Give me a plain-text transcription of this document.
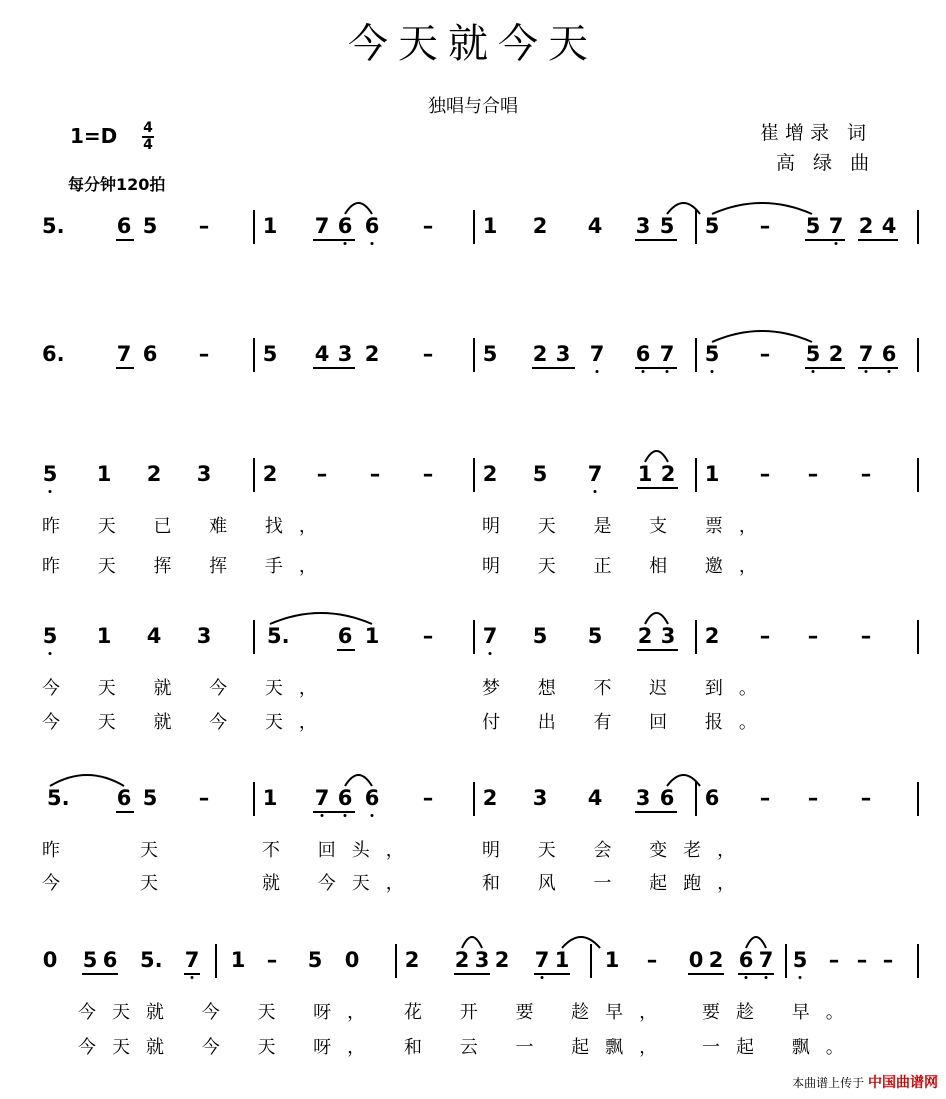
今天就今天
独唱与合唱
崔增录 词
高 绿 曲
$1=D \frac{4}{4}$
每分钟120拍
5. 6 5 –	1 7 6 6 – 1 2 4 3 5 5 – 5 7 2 4
6. 7 6 –	5 4 3 2 – 5 2 3 7 6 7 5 – 5 2 7 6
5 1 2 3 2 – – – 2 5 7 1 2 1 – – –
昨 天 已 难 找，	明 天 是 支 票，
昨 天 挥 挥 手，	明 天 正 相 邀，
5 1 4 3	5. 6 1 – 7 5 5 2 3 2 – – –
今 天 就 今 天，	梦 想 不 迟 到。
今 天 就 今 天，	付 出 有 回 报。
5. 6 5 –	1 7 6 6 – 2 3 4 3 6 6 – – –
昨	天	不 回头，	明 天 会 变老，
今	天	就 今天，	和 风 一 起跑，
0 5 6 5. 7 1 – 5 0 2 2 3 2 7 1 1 – 0 2 6 7 5 – – –
今天就 今 天 呀， 花 开 要 趁早， 要趁 早。
今天就 今 天 呀， 和 云 一 起飘， 一起 飘。
本曲谱上传于 中国曲谱网
